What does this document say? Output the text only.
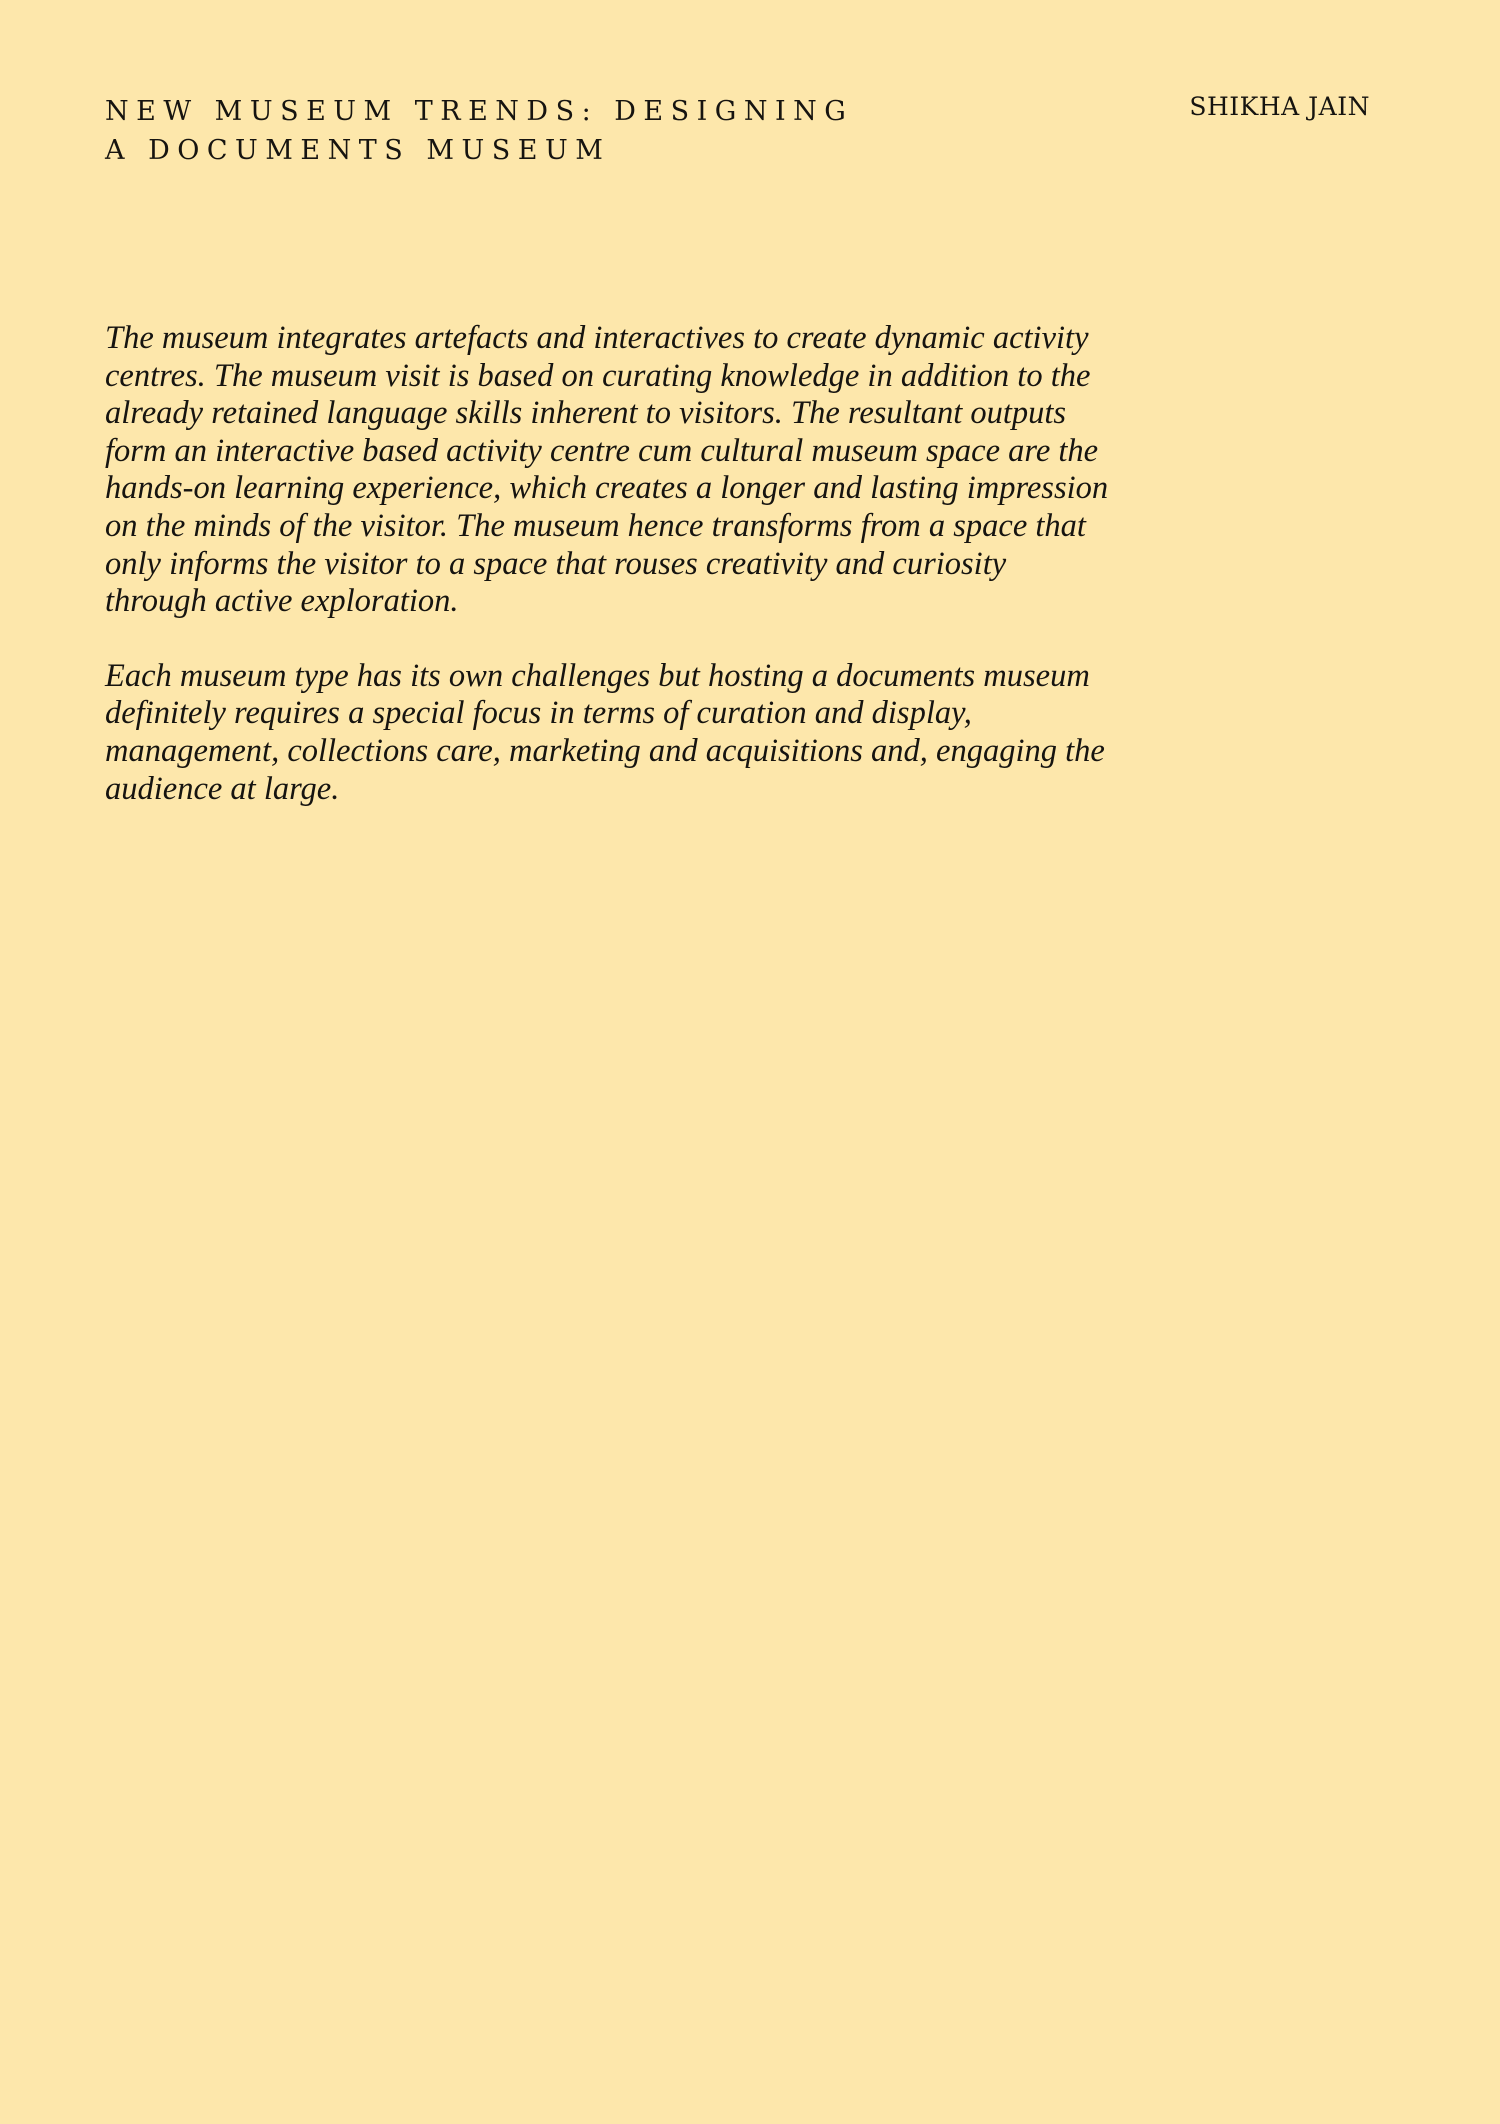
NEW MUSEUM TRENDS: DESIGNING
A DOCUMENTS MUSEUM
SHIKHA JAIN

The museum integrates artefacts and interactives to create dynamic activity centres. The museum visit is based on curating knowledge in addition to the already retained language skills inherent to visitors. The resultant outputs form an interactive based activity centre cum cultural museum space are the hands-on learning experience, which creates a longer and lasting impression on the minds of the visitor. The museum hence transforms from a space that only informs the visitor to a space that rouses creativity and curiosity through active exploration.

Each museum type has its own challenges but hosting a documents museum definitely requires a special focus in terms of curation and display, management, collections care, marketing and acquisitions and, engaging the audience at large.
